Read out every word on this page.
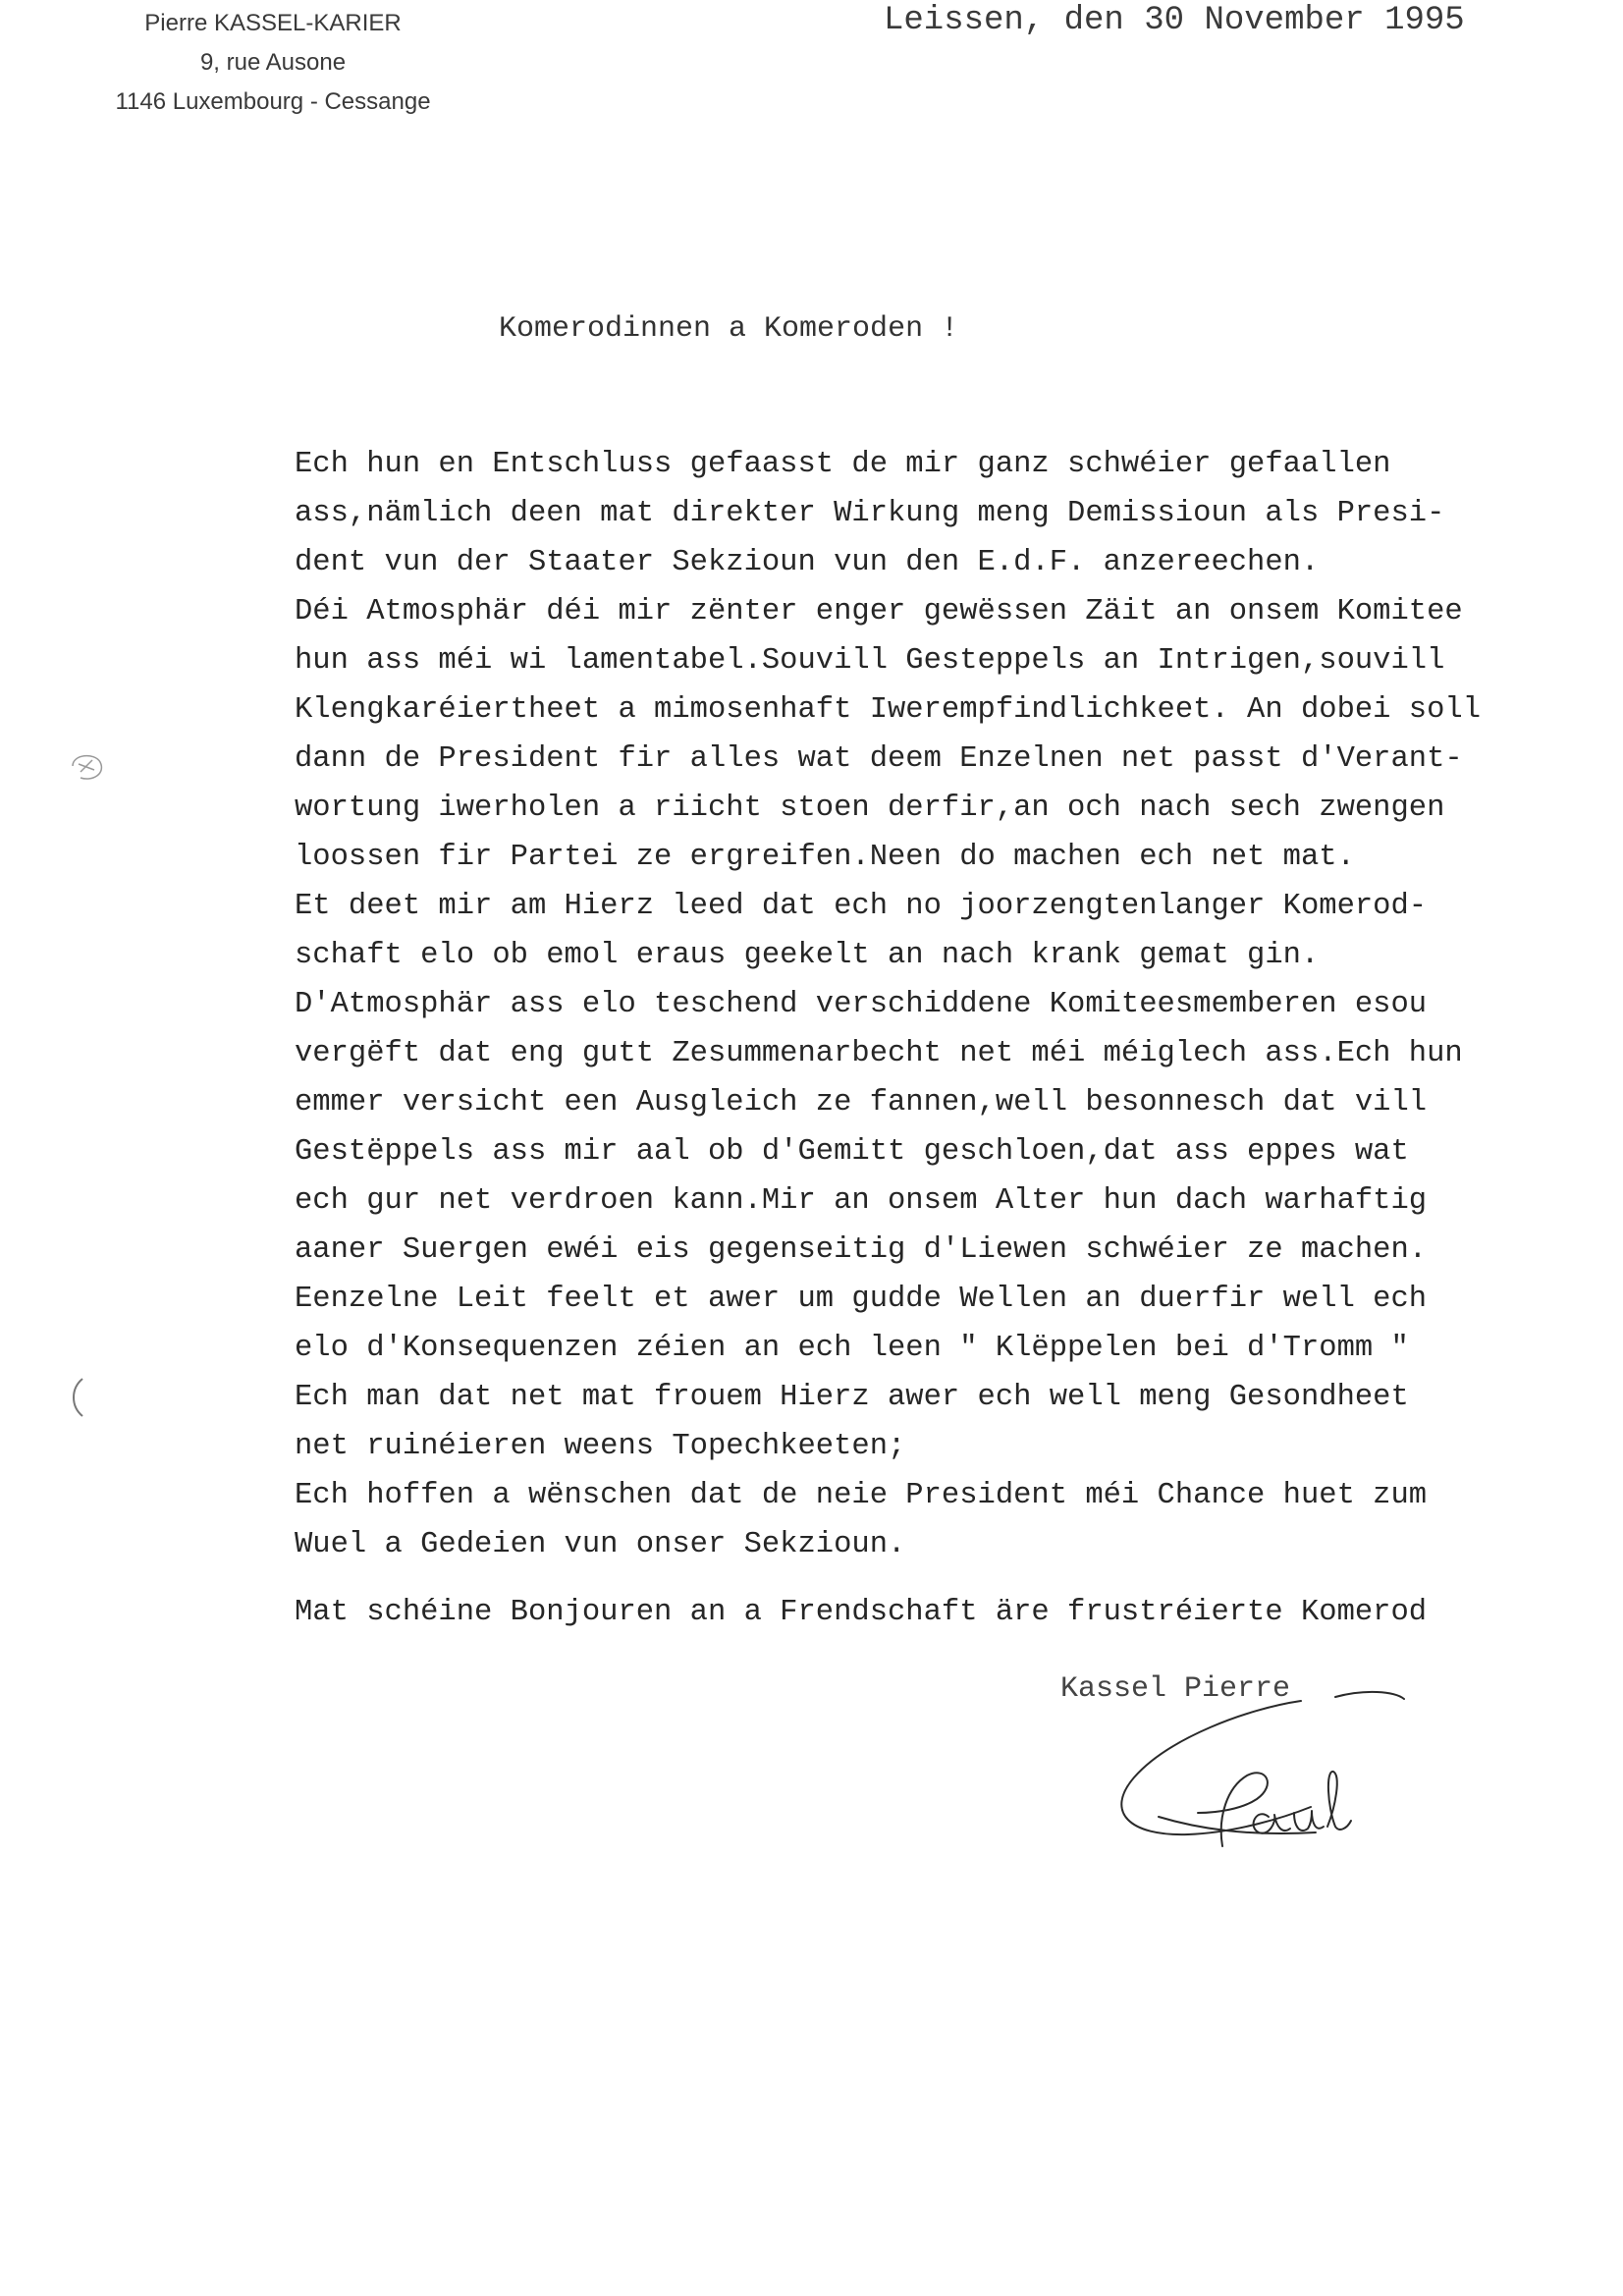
Pierre KASSEL-KARIER
9, rue Ausone
1146 Luxembourg - Cessange
Leissen, den 30 November 1995
Komerodinnen a Komeroden !
Ech hun en Entschluss gefaasst de mir ganz schwéier gefaallen
ass,nämlich deen mat direkter Wirkung meng Demissioun als Presi-
dent vun der Staater Sekzioun vun den E.d.F. anzereechen.
Déi Atmosphär déi mir zënter enger gewëssen Zäit an onsem Komitee
hun ass méi wi lamentabel.Souvill Gesteppels an Intrigen,souvill
Klengkaréiertheet a mimosenhaft Iwerempfindlichkeet. An dobei soll
dann de President fir alles wat deem Enzelnen net passt d'Verant-
wortung iwerholen a riicht stoen derfir,an och nach sech zwengen
loossen fir Partei ze ergreifen.Neen do machen ech net mat.
Et deet mir am Hierz leed dat ech no joorzengtenlanger Komerod-
schaft elo ob emol eraus geekelt an nach krank gemat gin.
D'Atmosphär ass elo teschend verschiddene Komiteesmemberen esou
vergëft dat eng gutt Zesummenarbecht net méi méiglech ass.Ech hun
emmer versicht een Ausgleich ze fannen,well besonnesch dat vill
Gestëppels ass mir aal ob d'Gemitt geschloen,dat ass eppes wat
ech gur net verdroen kann.Mir an onsem Alter hun dach warhaftig
aaner Suergen ewéi eis gegenseitig d'Liewen schwéier ze machen.
Eenzelne Leit feelt et awer um gudde Wellen an duerfir well ech
elo d'Konsequenzen zéien an ech leen " Klëppelen bei d'Tromm "
Ech man dat net mat frouem Hierz awer ech well meng Gesondheet
net ruinéieren weens Topechkeeten;
Ech hoffen a wënschen dat de neie President méi Chance huet zum
Wuel a Gedeien vun onser Sekzioun.
Mat schéine Bonjouren an a Frendschaft äre frustréierte Komerod
Kassel Pierre
